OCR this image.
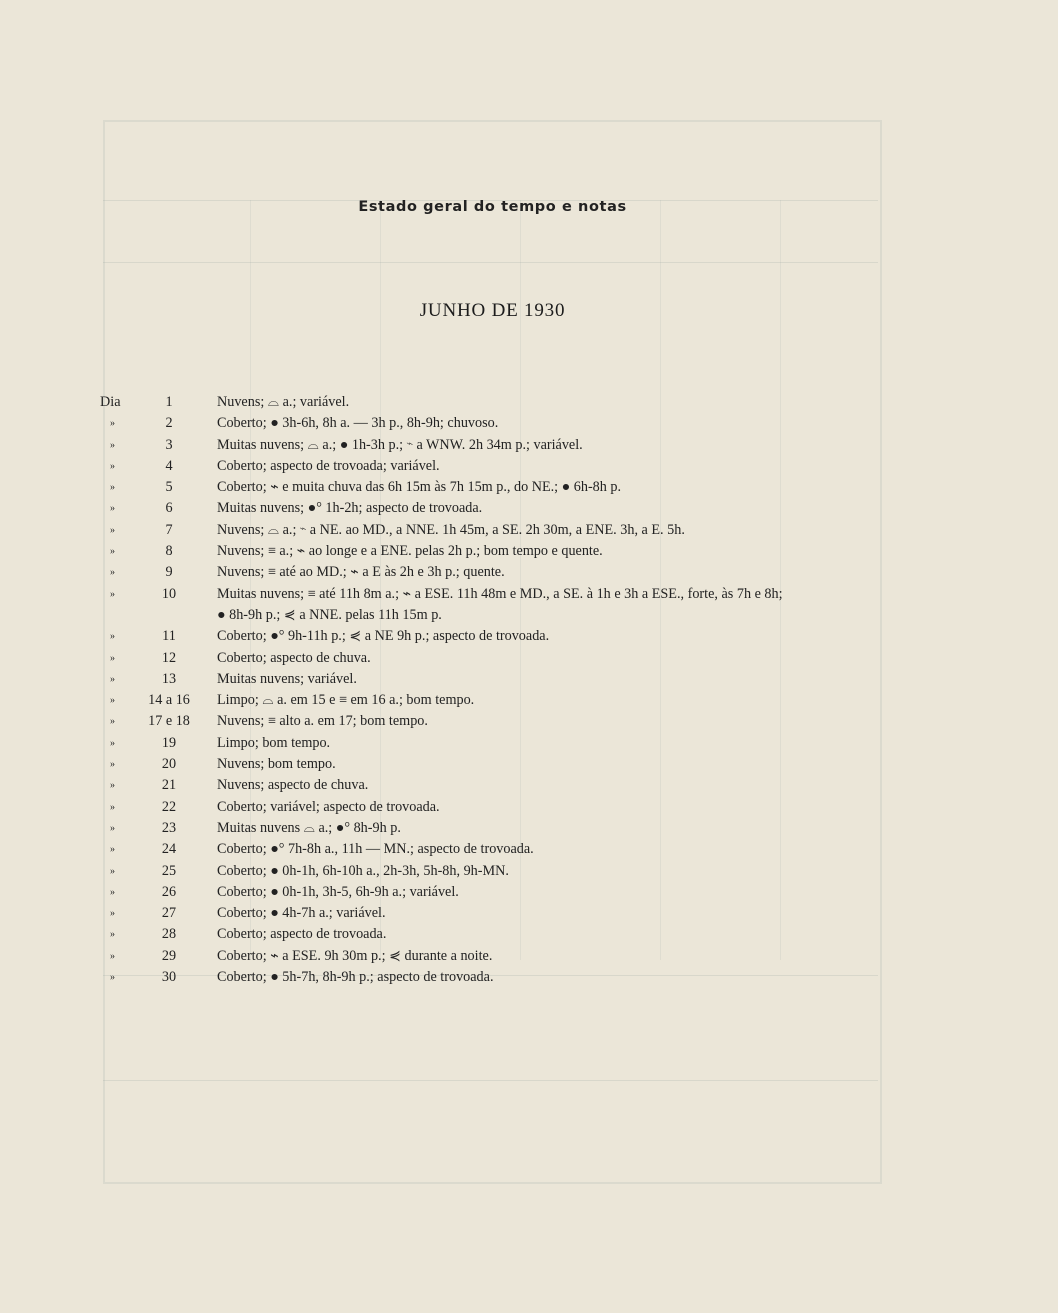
Estado geral do tempo e notas
JUNHO DE 1930
Dia	1	Nuvens; ⌓ a.; variável.
»	2	Coberto; ● 3h-6h, 8h a. — 3h p., 8h-9h; chuvoso.
»	3	Muitas nuvens; ⌓ a.; ● 1h-3h p.; ⌁ a WNW. 2h 34m p.; variável.
»	4	Coberto; aspecto de trovoada; variável.
»	5	Coberto; ⌁ e muita chuva das 6h 15m às 7h 15m p., do NE.; ● 6h-8h p.
»	6	Muitas nuvens; ●° 1h-2h; aspecto de trovoada.
»	7	Nuvens; ⌓ a.; ⌁ a NE. ao MD., a NNE. 1h 45m, a SE. 2h 30m, a ENE. 3h, a E. 5h.
»	8	Nuvens; ≡ a.; ⌁ ao longe e a ENE. pelas 2h p.; bom tempo e quente.
»	9	Nuvens; ≡ até ao MD.; ⌁ a E às 2h e 3h p.; quente.
»	10	Muitas nuvens; ≡ até 11h 8m a.; ⌁ a ESE. 11h 48m e MD., a SE. à 1h e 3h a ESE., forte, às 7h e 8h;
● 8h-9h p.; ⋞ a NNE. pelas 11h 15m p.
»	11	Coberto; ●° 9h-11h p.; ⋞ a NE 9h p.; aspecto de trovoada.
»	12	Coberto; aspecto de chuva.
»	13	Muitas nuvens; variável.
»	14 a 16	Limpo; ⌓ a. em 15 e ≡ em 16 a.; bom tempo.
»	17 e 18	Nuvens; ≡ alto a. em 17; bom tempo.
»	19	Limpo; bom tempo.
»	20	Nuvens; bom tempo.
»	21	Nuvens; aspecto de chuva.
»	22	Coberto; variável; aspecto de trovoada.
»	23	Muitas nuvens ⌓ a.; ●° 8h-9h p.
»	24	Coberto; ●° 7h-8h a., 11h — MN.; aspecto de trovoada.
»	25	Coberto; ● 0h-1h, 6h-10h a., 2h-3h, 5h-8h, 9h-MN.
»	26	Coberto; ● 0h-1h, 3h-5, 6h-9h a.; variável.
»	27	Coberto; ● 4h-7h a.; variável.
»	28	Coberto; aspecto de trovoada.
»	29	Coberto; ⌁ a ESE. 9h 30m p.; ⋞ durante a noite.
»	30	Coberto; ● 5h-7h, 8h-9h p.; aspecto de trovoada.
